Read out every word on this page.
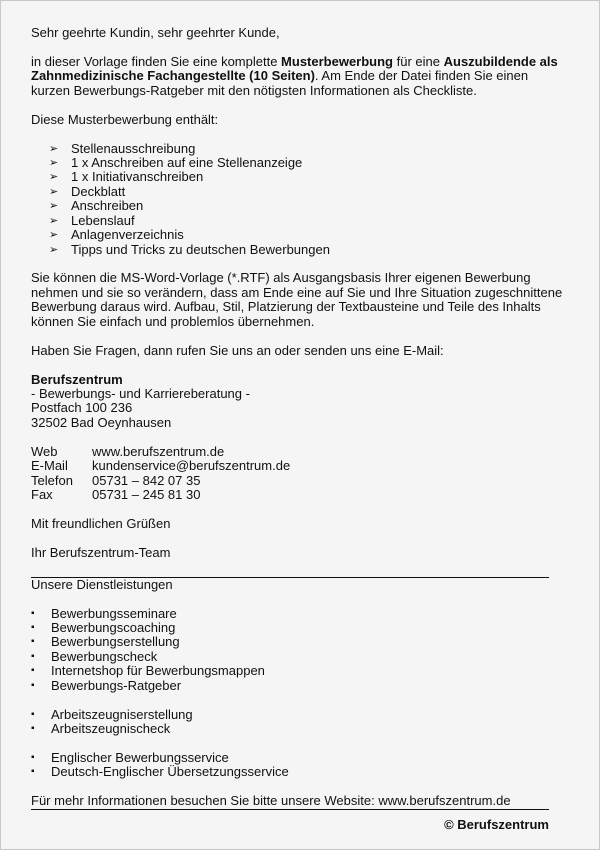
Sehr geehrte Kundin, sehr geehrter Kunde,
in dieser Vorlage finden Sie eine komplette Musterbewerbung für eine Auszubildende als
Zahnmedizinische Fachangestellte (10 Seiten). Am Ende der Datei finden Sie einen
kurzen Bewerbungs-Ratgeber mit den nötigsten Informationen als Checkliste.
Diese Musterbewerbung enthält:
➢ Stellenausschreibung
➢ 1 x Anschreiben auf eine Stellenanzeige
➢ 1 x Initiativanschreiben
➢ Deckblatt
➢ Anschreiben
➢ Lebenslauf
➢ Anlagenverzeichnis
➢ Tipps und Tricks zu deutschen Bewerbungen
Sie können die MS-Word-Vorlage (*.RTF) als Ausgangsbasis Ihrer eigenen Bewerbung
nehmen und sie so verändern, dass am Ende eine auf Sie und Ihre Situation zugeschnittene
Bewerbung daraus wird. Aufbau, Stil, Platzierung der Textbausteine und Teile des Inhalts
können Sie einfach und problemlos übernehmen.
Haben Sie Fragen, dann rufen Sie uns an oder senden uns eine E-Mail:
Berufszentrum
- Bewerbungs- und Karriereberatung -
Postfach 100 236
32502 Bad Oeynhausen
Web	www.berufszentrum.de
E-Mail kundenservice@berufszentrum.de
Telefon 05731 – 842 07 35
Fax	05731 – 245 81 30
Mit freundlichen Grüßen
Ihr Berufszentrum-Team
Unsere Dienstleistungen
▪ Bewerbungsseminare
▪ Bewerbungscoaching
▪ Bewerbungserstellung
▪ Bewerbungscheck
▪ Internetshop für Bewerbungsmappen
▪ Bewerbungs-Ratgeber
▪ Arbeitszeugniserstellung
▪ Arbeitszeugnischeck
▪ Englischer Bewerbungsservice
▪ Deutsch-Englischer Übersetzungsservice
Für mehr Informationen besuchen Sie bitte unsere Website: www.berufszentrum.de
© Berufszentrum
